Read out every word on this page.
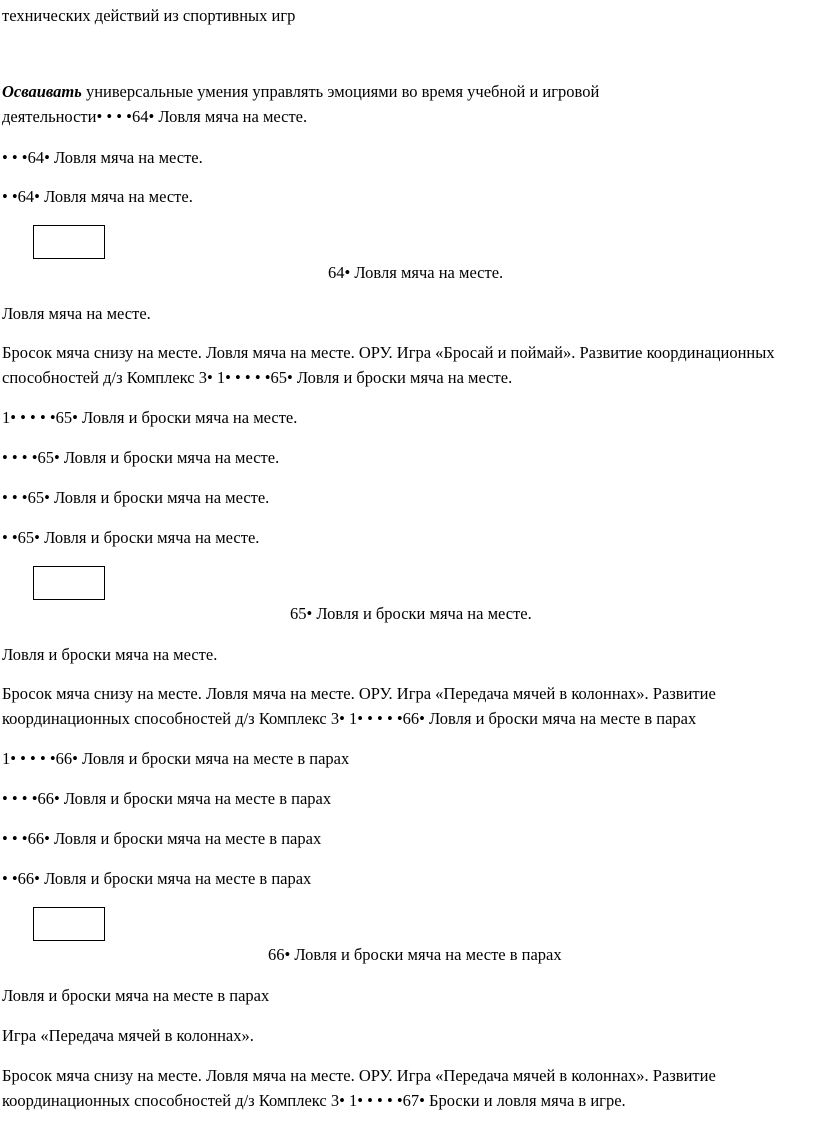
технических действий из спортивных игр
Осваивать универсальные умения управлять эмоциями во время учебной и игровой
деятельности• • • •64• Ловля мяча на месте.
• • •64• Ловля мяча на месте.
• •64• Ловля мяча на месте.
64• Ловля мяча на месте.
Ловля мяча на месте.
Бросок мяча снизу на месте. Ловля мяча на месте. ОРУ. Игра «Бросай и поймай». Развитие координационных
способностей д/з Комплекс 3• 1• • • • •65• Ловля и броски мяча на месте.
1• • • • •65• Ловля и броски мяча на месте.
• • • •65• Ловля и броски мяча на месте.
• • •65• Ловля и броски мяча на месте.
• •65• Ловля и броски мяча на месте.
65• Ловля и броски мяча на месте.
Ловля и броски мяча на месте.
Бросок мяча снизу на месте. Ловля мяча на месте. ОРУ. Игра «Передача мячей в колоннах». Развитие
координационных способностей д/з Комплекс 3• 1• • • • •66• Ловля и броски мяча на месте в парах
1• • • • •66• Ловля и броски мяча на месте в парах
• • • •66• Ловля и броски мяча на месте в парах
• • •66• Ловля и броски мяча на месте в парах
• •66• Ловля и броски мяча на месте в парах
66• Ловля и броски мяча на месте в парах
Ловля и броски мяча на месте в парах
Игра «Передача мячей в колоннах».
Бросок мяча снизу на месте. Ловля мяча на месте. ОРУ. Игра «Передача мячей в колоннах». Развитие
координационных способностей д/з Комплекс 3• 1• • • • •67• Броски и ловля мяча в игре.
